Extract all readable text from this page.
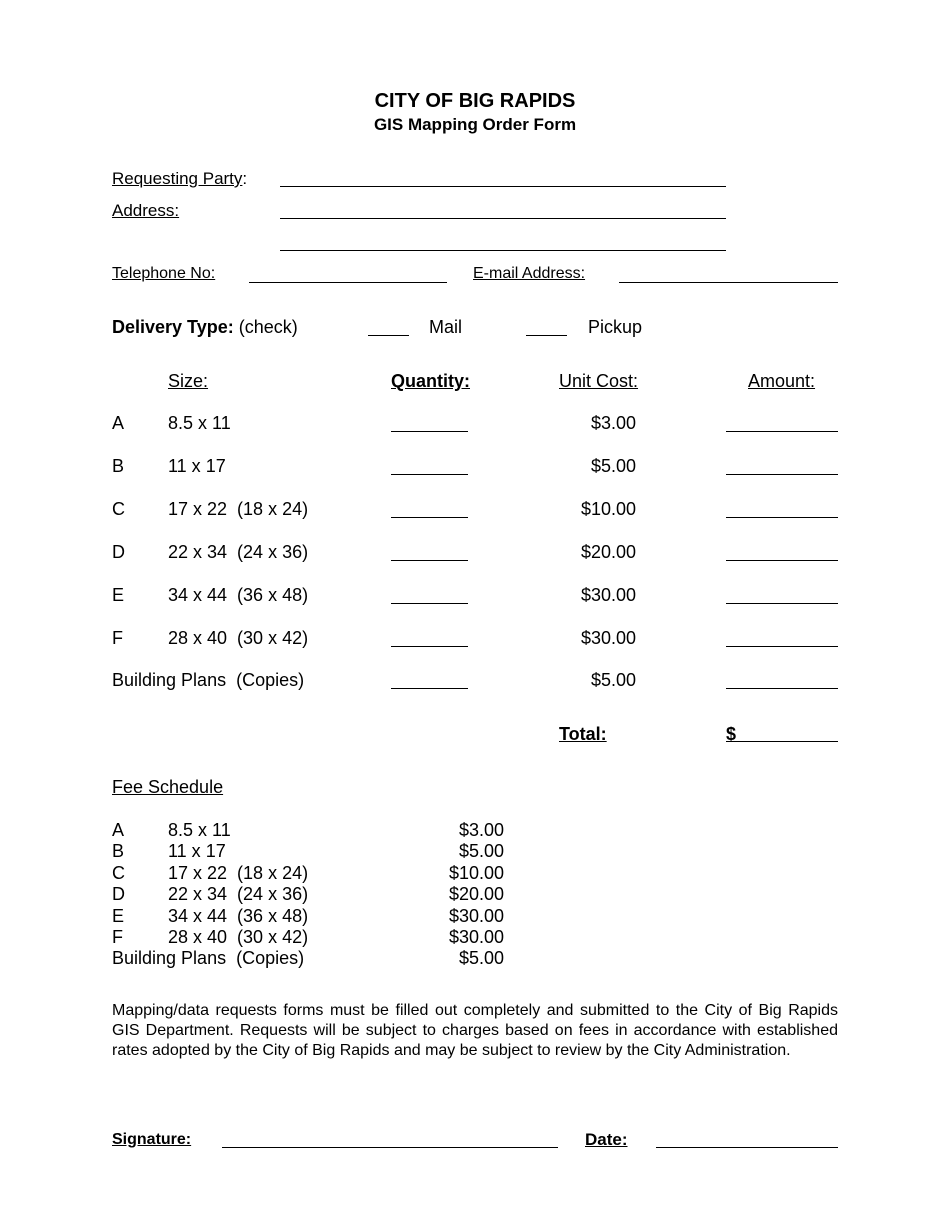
CITY OF BIG RAPIDS
GIS Mapping Order Form
Requesting Party:
Address:
Telephone No:	E-mail Address:
Delivery Type: (check)	Mail	Pickup
Size:	Quantity:	Unit Cost:	Amount:
A 8.5 x 11	$3.00
B 11 x 17	$5.00
C 17 x 22  (18 x 24)	$10.00
D 22 x 34  (24 x 36)	$20.00
E 34 x 44  (36 x 48)	$30.00
F	28 x 40  (30 x 42)	$30.00
Building Plans  (Copies)	$5.00
Total:	$
Fee Schedule
A 8.5 x 11	$3.00
B 11 x 17	$5.00
C 17 x 22  (18 x 24)	$10.00
D 22 x 34  (24 x 36)	$20.00
E 34 x 44  (36 x 48)	$30.00
F	28 x 40  (30 x 42)	$30.00
Building Plans  (Copies)	$5.00
Mapping/data requests forms must be filled out completely and submitted to the City of Big Rapids GIS Department. Requests will be subject to charges based on fees in accordance with established rates adopted by the City of Big Rapids and may be subject to review by the City Administration.
Signature:	Date:
